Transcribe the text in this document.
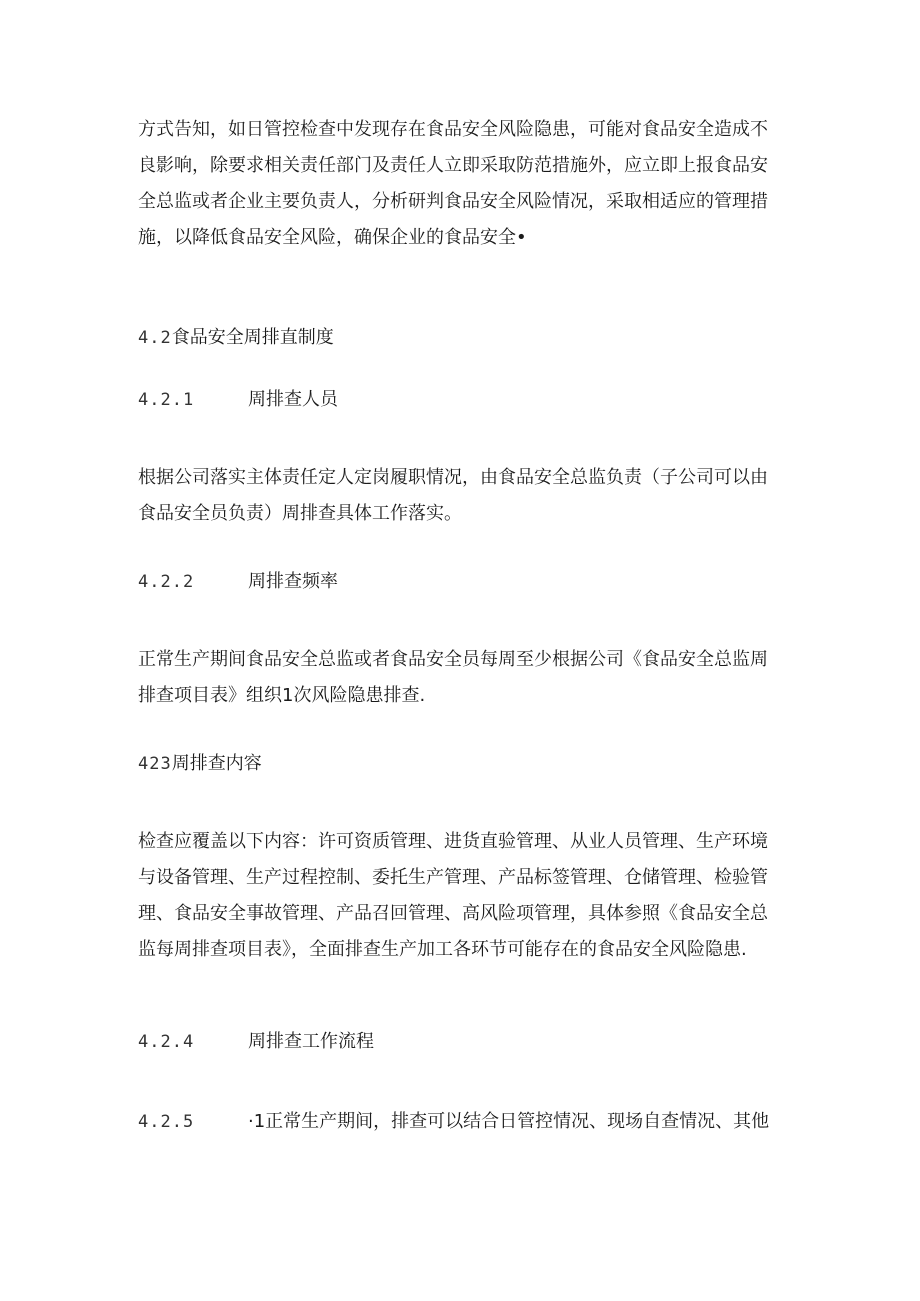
方式告知，如日管控检查中发现存在食品安全风险隐患，可能对食品安全造成不
良影响，除要求相关责任部门及责任人立即采取防范措施外，应立即上报食品安
全总监或者企业主要负责人，分析研判食品安全风险情况，采取相适应的管理措
施，以降低食品安全风险，确保企业的食品安全•
4.2食品安全周排直制度
4.2.1	周排查人员
根据公司落实主体责任定人定岗履职情况，由食品安全总监负责（子公司可以由
食品安全员负责）周排查具体工作落实。
4.2.2	周排查频率
正常生产期间食品安全总监或者食品安全员每周至少根据公司《食品安全总监周
排查项目表》组织1次风险隐患排查.
423周排查内容
检查应覆盖以下内容：许可资质管理、进货直验管理、从业人员管理、生产环境
与设备管理、生产过程控制、委托生产管理、产品标签管理、仓储管理、检验管
理、食品安全事故管理、产品召回管理、高风险项管理，具体参照《食品安全总
监每周排查项目表》，全面排查生产加工各环节可能存在的食品安全风险隐患.
4.2.4	周排查工作流程
4.2.5	·1正常生产期间，排查可以结合日管控情况、现场自查情况、其他
